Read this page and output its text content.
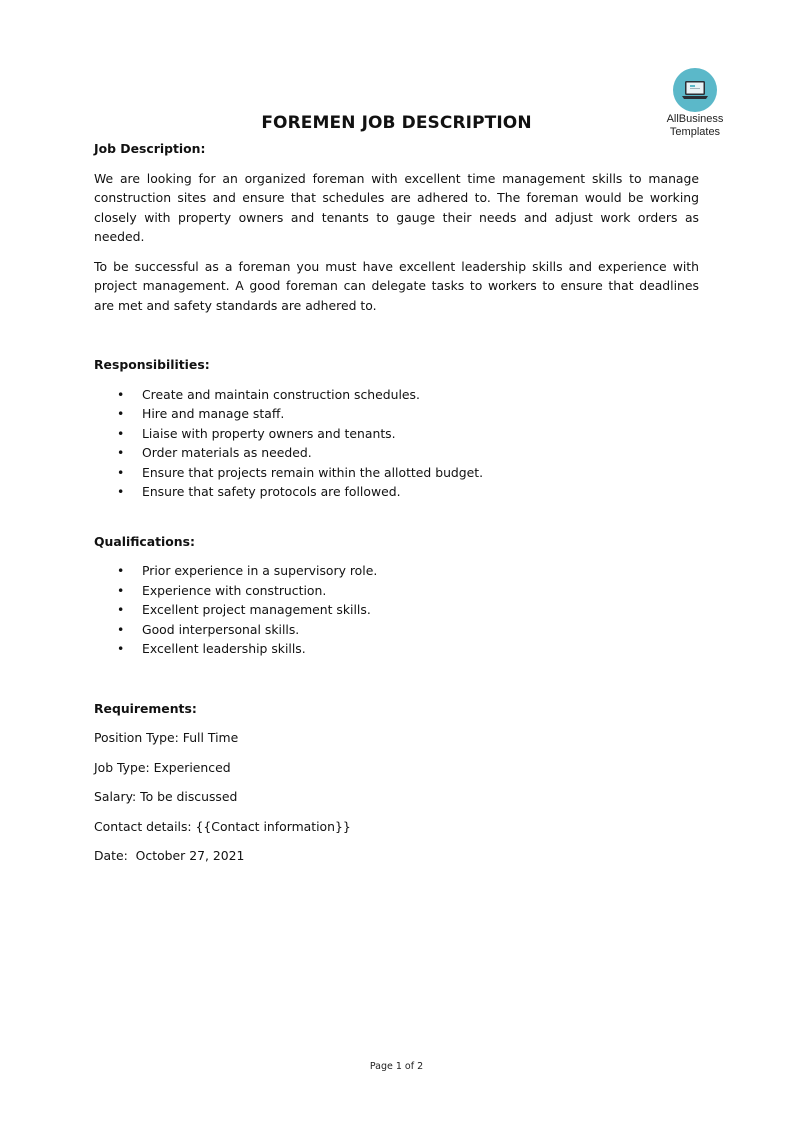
AllBusiness
Templates
FOREMEN JOB DESCRIPTION

Job Description:

We are looking for an organized foreman with excellent time management skills to manage construction sites and ensure that schedules are adhered to. The foreman would be working closely with property owners and tenants to gauge their needs and adjust work orders as needed.

To be successful as a foreman you must have excellent leadership skills and experience with project management. A good foreman can delegate tasks to workers to ensure that deadlines are met and safety standards are adhered to.

Responsibilities:

• Create and maintain construction schedules.
• Hire and manage staff.
• Liaise with property owners and tenants.
• Order materials as needed.
• Ensure that projects remain within the allotted budget.
• Ensure that safety protocols are followed.

Qualifications:

• Prior experience in a supervisory role.
• Experience with construction.
• Excellent project management skills.
• Good interpersonal skills.
• Excellent leadership skills.

Requirements:

Position Type: Full Time

Job Type: Experienced

Salary: To be discussed

Contact details: {{Contact information}}

Date:  October 27, 2021

Page 1 of 2
